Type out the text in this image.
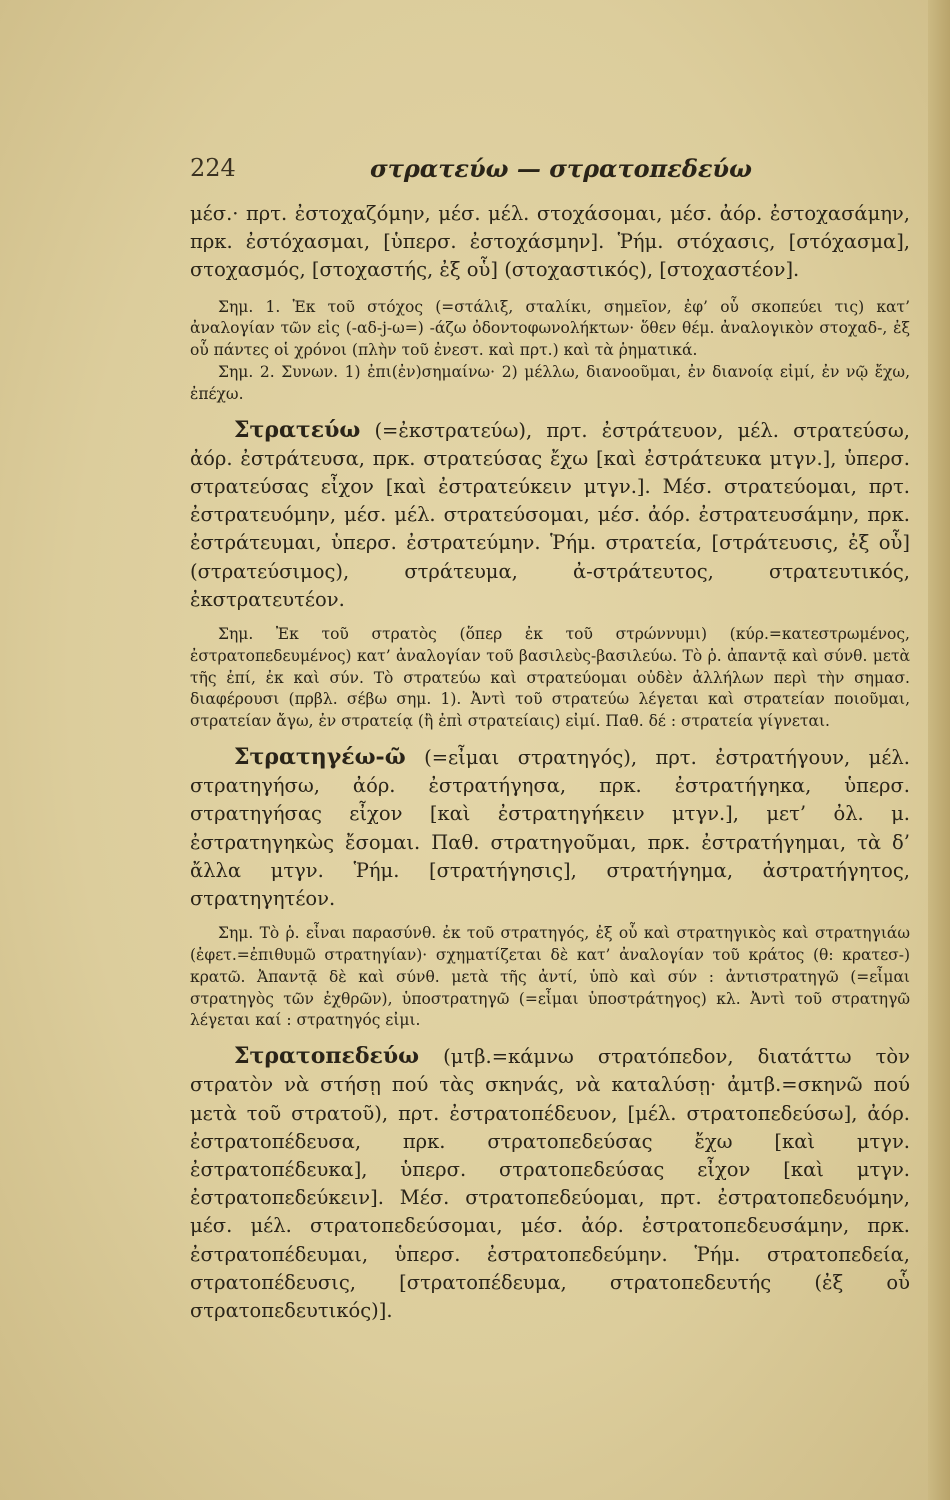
224	στρατεύω — στρατοπεδεύω

μέσ.· πρτ. ἐστοχαζόμην, μέσ. μέλ. στοχάσομαι, μέσ. ἀόρ. ἐστοχασάμην, πρκ. ἐστόχασμαι, [ὑπερσ. ἐστοχάσμην]. Ῥήμ. στόχασις, [στόχασμα], στοχασμός, [στοχαστής, ἐξ οὗ] (στοχαστικός), [στοχαστέον].

Σημ. 1. Ἐκ τοῦ στόχος (=στάλιξ, σταλίκι, σημεῖον, ἐφ’ οὗ σκοπεύει τις) κατ’ ἀναλογίαν τῶν εἰς (-αδ-j-ω=) -άζω ὀδοντοφωνολήκτων· ὅθεν θέμ. ἀναλογικὸν στοχαδ-, ἐξ οὗ πάντες οἱ χρόνοι (πλὴν τοῦ ἐνεστ. καὶ πρτ.) καὶ τὰ ῥηματικά.

Σημ. 2. Συνων. 1) ἐπι(ἐν)σημαίνω· 2) μέλλω, διανοοῦμαι, ἐν διανοίᾳ εἰμί, ἐν νῷ ἔχω, ἐπέχω.

Στρατεύω (=ἐκστρατεύω), πρτ. ἐστράτευον, μέλ. στρατεύσω, ἀόρ. ἐστράτευσα, πρκ. στρατεύσας ἔχω [καὶ ἐστράτευκα μτγν.], ὑπερσ. στρατεύσας εἶχον [καὶ ἐστρατεύκειν μτγν.]. Μέσ. στρατεύομαι, πρτ. ἐστρατευόμην, μέσ. μέλ. στρατεύσομαι, μέσ. ἀόρ. ἐστρατευσάμην, πρκ. ἐστράτευμαι, ὑπερσ. ἐστρατεύμην. Ῥήμ. στρατεία, [στράτευσις, ἐξ οὗ] (στρατεύσιμος), στράτευμα, ἀ-στράτευτος, στρατευτικός, ἐκστρατευτέον.

Σημ. Ἐκ τοῦ στρατὸς (ὅπερ ἐκ τοῦ στρώννυμι) (κύρ.=κατεστρωμένος, ἐστρατοπεδευμένος) κατ’ ἀναλογίαν τοῦ βασιλεὺς-βασιλεύω. Τὸ ῥ. ἀπαντᾷ καὶ σύνθ. μετὰ τῆς ἐπί, ἐκ καὶ σύν. Τὸ στρατεύω καὶ στρατεύομαι οὐδὲν ἀλλήλων περὶ τὴν σημασ. διαφέρουσι (πρβλ. σέβω σημ. 1). Ἀντὶ τοῦ στρατεύω λέγεται καὶ στρατείαν ποιοῦμαι, στρατείαν ἄγω, ἐν στρατείᾳ (ἢ ἐπὶ στρατείαις) εἰμί. Παθ. δέ : στρατεία γίγνεται.

Στρατηγέω-ῶ (=εἶμαι στρατηγός), πρτ. ἐστρατήγουν, μέλ. στρατηγήσω, ἀόρ. ἐστρατήγησα, πρκ. ἐστρατήγηκα, ὑπερσ. στρατηγήσας εἶχον [καὶ ἐστρατηγήκειν μτγν.], μετ’ ὀλ. μ. ἐστρατηγηκὼς ἔσομαι. Παθ. στρατηγοῦμαι, πρκ. ἐστρατήγημαι, τὰ δ’ ἄλλα μτγν. Ῥήμ. [στρατήγησις], στρατήγημα, ἀστρατήγητος, στρατηγητέον.

Σημ. Τὸ ῥ. εἶναι παρασύνθ. ἐκ τοῦ στρατηγός, ἐξ οὗ καὶ στρατηγικὸς καὶ στρατηγιάω (ἐφετ.=ἐπιθυμῶ στρατηγίαν)· σχηματίζεται δὲ κατ’ ἀναλογίαν τοῦ κράτος (θ: κρατεσ-) κρατῶ. Ἀπαντᾷ δὲ καὶ σύνθ. μετὰ τῆς ἀντί, ὑπὸ καὶ σύν : ἀντιστρατηγῶ (=εἶμαι στρατηγὸς τῶν ἐχθρῶν), ὑποστρατηγῶ (=εἶμαι ὑποστράτηγος) κλ. Ἀντὶ τοῦ στρατηγῶ λέγεται καί : στρατηγός εἰμι.

Στρατοπεδεύω (μτβ.=κάμνω στρατόπεδον, διατάττω τὸν στρατὸν νὰ στήσῃ πού τὰς σκηνάς, νὰ καταλύσῃ· ἀμτβ.=σκηνῶ πού μετὰ τοῦ στρατοῦ), πρτ. ἐστρατοπέδευον, [μέλ. στρατοπεδεύσω], ἀόρ. ἐστρατοπέδευσα, πρκ. στρατοπεδεύσας ἔχω [καὶ μτγν. ἐστρατοπέδευκα], ὑπερσ. στρατοπεδεύσας εἶχον [καὶ μτγν. ἐστρατοπεδεύκειν]. Μέσ. στρατοπεδεύομαι, πρτ. ἐστρατοπεδευόμην, μέσ. μέλ. στρατοπεδεύσομαι, μέσ. ἀόρ. ἐστρατοπεδευσάμην, πρκ. ἐστρατοπέδευμαι, ὑπερσ. ἐστρατοπεδεύμην. Ῥήμ. στρατοπεδεία, στρατοπέδευσις, [στρατοπέδευμα, στρατοπεδευτής (ἐξ οὗ στρατοπεδευτικός)].
